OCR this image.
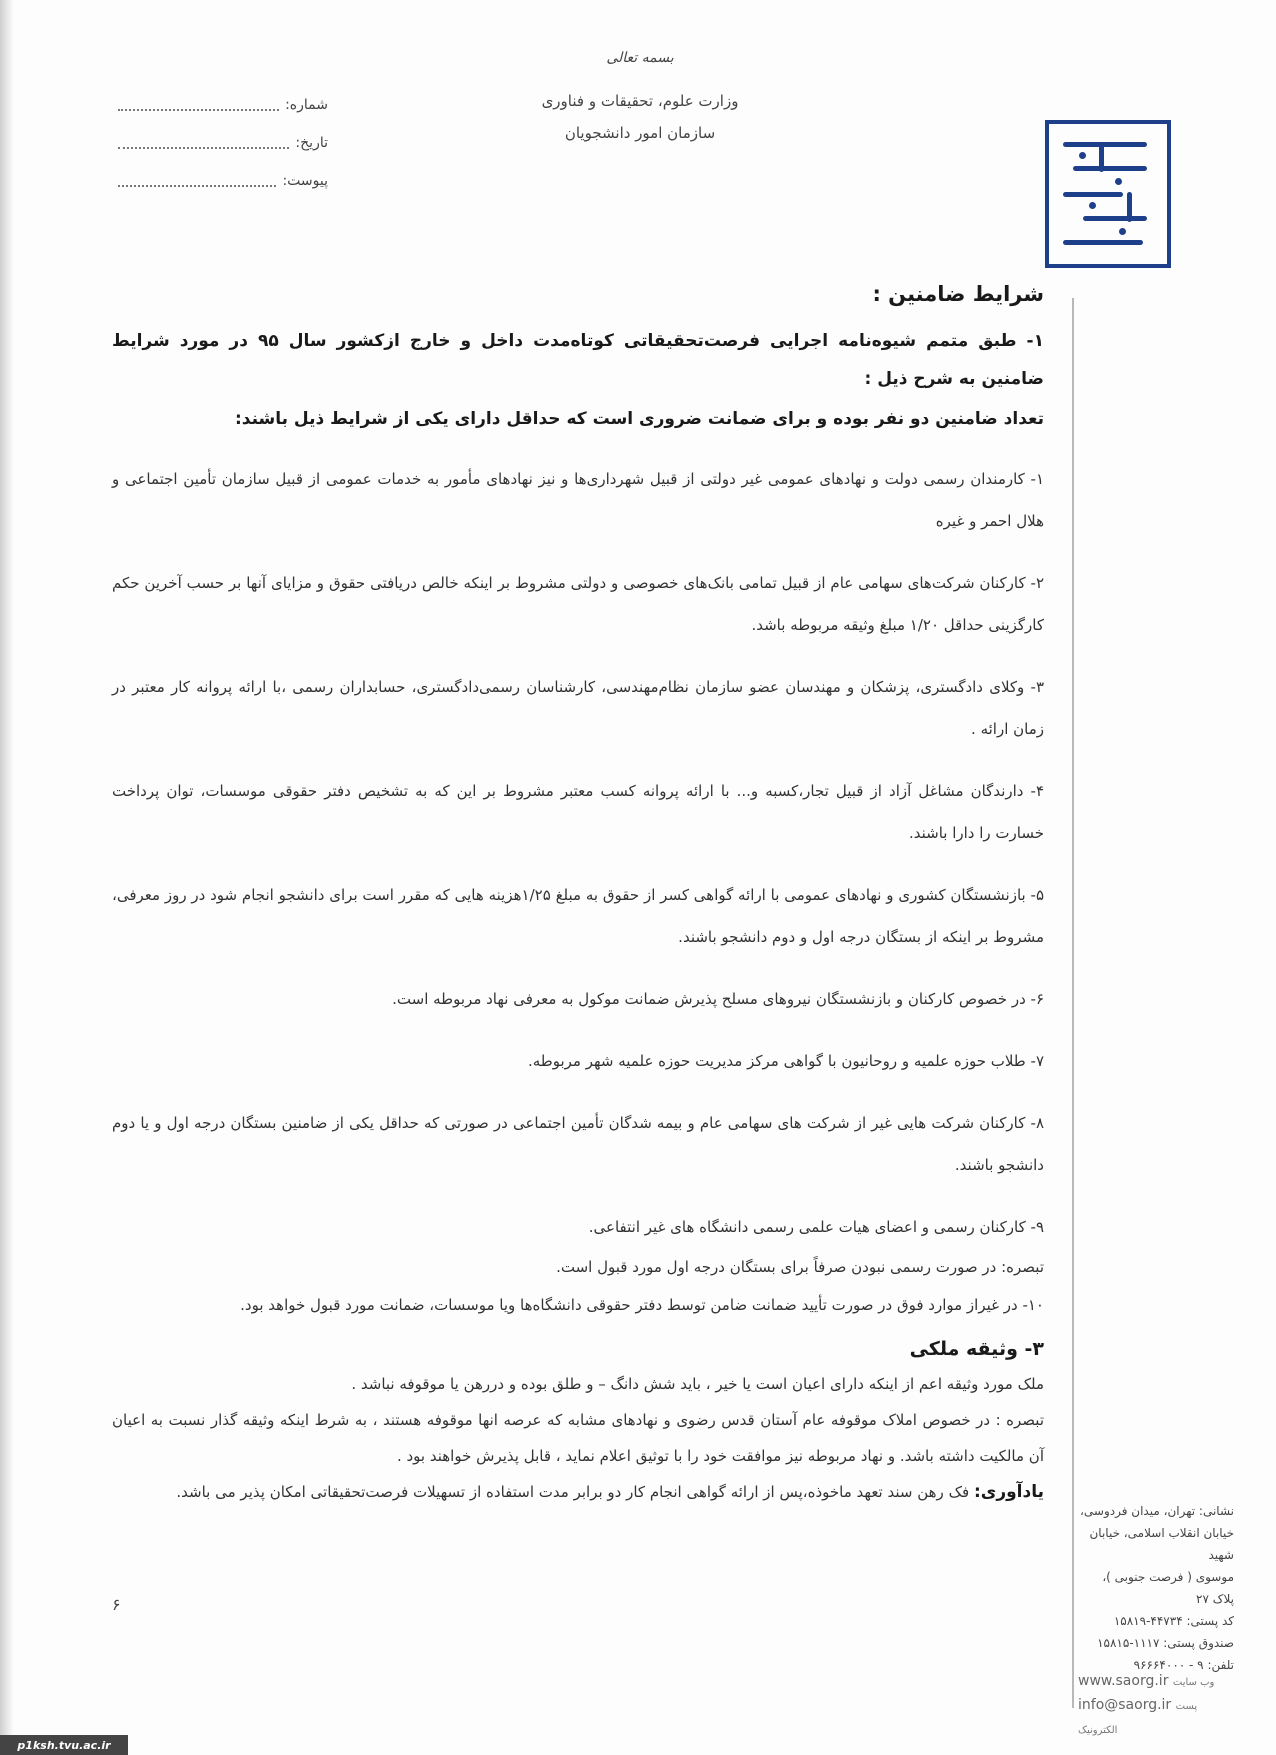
بسمه تعالی
وزارت علوم، تحقیقات و فناوری
سازمان امور دانشجویان
شماره:
تاریخ:
پیوست:
شرایط ضامنین :

۱- طبق متمم شیوه‌نامه اجرایی فرصت‌تحقیقاتی کوتاه‌مدت داخل و خارج ازکشور سال ۹۵ در مورد شرایط ضامنین به شرح ذیل :

تعداد ضامنین دو نفر بوده و برای ضمانت ضروری است که حداقل دارای یکی از شرایط ذیل باشند:

۱- کارمندان رسمی دولت و نهادهای عمومی غیر دولتی از قبیل شهرداری‌ها و نیز نهادهای مأمور به خدمات عمومی از قبیل سازمان تأمین اجتماعی و هلال احمر و غیره

۲- کارکنان شرکت‌های سهامی عام از قبیل تمامی بانک‌های خصوصی و دولتی مشروط بر اینکه خالص دریافتی حقوق و مزایای آنها بر حسب آخرین حکم کارگزینی حداقل ۱/۲۰ مبلغ وثیقه مربوطه باشد.

۳- وکلای دادگستری، پزشکان و مهندسان عضو سازمان نظام‌مهندسی، کارشناسان رسمی‌دادگستری، حسابداران رسمی ،با ارائه پروانه کار معتبر در زمان ارائه .

۴- دارندگان مشاغل آزاد از قبیل تجار،کسبه و... با ارائه پروانه کسب معتبر مشروط بر این که به تشخیص دفتر حقوقی موسسات، توان پرداخت خسارت را دارا باشند.

۵- بازنشستگان کشوری و نهادهای عمومی با ارائه گواهی کسر از حقوق به مبلغ ۱/۲۵هزینه هایی که مقرر است برای دانشجو انجام شود در روز معرفی، مشروط بر اینکه از بستگان درجه اول و دوم دانشجو باشند.

۶- در خصوص کارکنان و بازنشستگان نیروهای مسلح پذیرش ضمانت موکول به معرفی نهاد مربوطه است.

۷- طلاب حوزه علمیه و روحانیون با گواهی مرکز مدیریت حوزه علمیه شهر مربوطه.

۸- کارکنان شرکت هایی غیر از شرکت های سهامی عام و بیمه شدگان تأمین اجتماعی در صورتی که حداقل یکی از ضامنین بستگان درجه اول و یا دوم دانشجو باشند.

۹- کارکنان رسمی و اعضای هیات علمی رسمی دانشگاه های غیر انتفاعی.

تبصره: در صورت رسمی نبودن صرفاً برای بستگان درجه اول مورد قبول است.

۱۰- در غیراز موارد فوق در صورت تأیید ضمانت ضامن توسط دفتر حقوقی دانشگاه‌ها ویا موسسات، ضمانت مورد قبول خواهد بود.

۳- وثیقه ملکی

ملک مورد وثیقه اعم از اینکه دارای اعیان است یا خیر ، باید شش دانگ – و طلق بوده و دررهن یا موقوفه نباشد .

تبصره : در خصوص املاک موقوفه عام آستان قدس رضوی و نهادهای مشابه که عرصه انها موقوفه هستند ، به شرط اینکه وثیقه گذار نسبت به اعیان آن مالکیت داشته باشد. و نهاد مربوطه نیز موافقت خود را با توثیق اعلام نماید ، قابل پذیرش خواهند بود .

یادآوری: فک رهن سند تعهد ماخوذه،پس از ارائه گواهی انجام کار دو برابر مدت استفاده از تسهیلات فرصت‌تحقیقاتی امکان پذیر می باشد.

۶
نشانی: تهران، میدان فردوسی،
خیابان انقلاب اسلامی، خیابان شهید
موسوی ( فرصت جنوبی )، پلاک ۲۷
کد پستی: ۴۴۷۳۴-۱۵۸۱۹
صندوق پستی: ۱۱۱۷-۱۵۸۱۵
تلفن: ۹ - ۹۶۶۶۴۰۰۰
www.saorg.ir وب سایت
info@saorg.ir پست الکترونیک
p1ksh.tvu.ac.ir
